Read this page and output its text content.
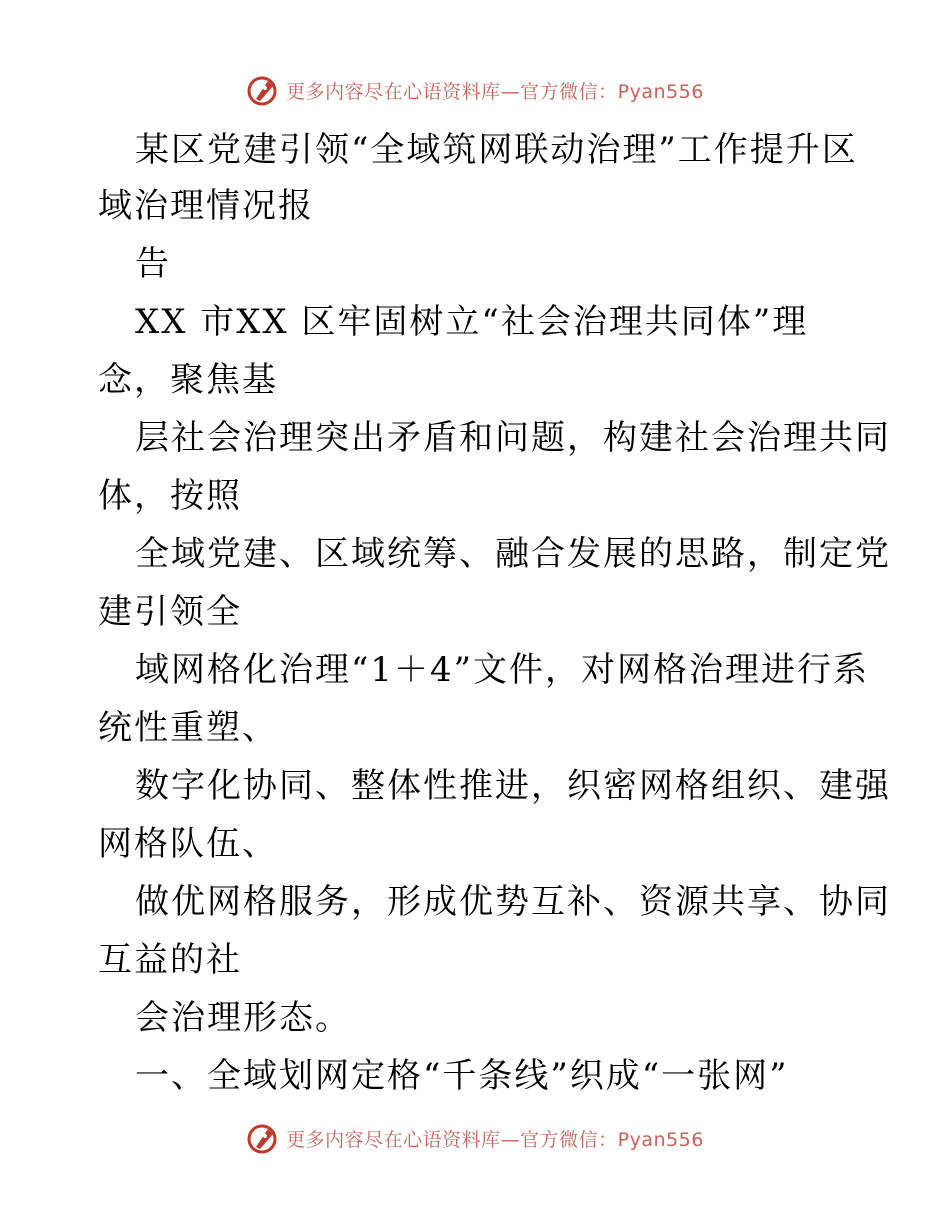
更多内容尽在心语资料库—官方微信：Pyan556
某区党建引领“全域筑网联动治理”工作提升区
域治理情况报
告
XX 市XX 区牢固树立“社会治理共同体”理
念，聚焦基
层社会治理突出矛盾和问题，构建社会治理共同
体，按照
全域党建、区域统筹、融合发展的思路，制定党
建引领全
域网格化治理“1＋4”文件，对网格治理进行系
统性重塑、
数字化协同、整体性推进，织密网格组织、建强
网格队伍、
做优网格服务，形成优势互补、资源共享、协同
互益的社
会治理形态。
一、全域划网定格“千条线”织成“一张网”
更多内容尽在心语资料库—官方微信：Pyan556
